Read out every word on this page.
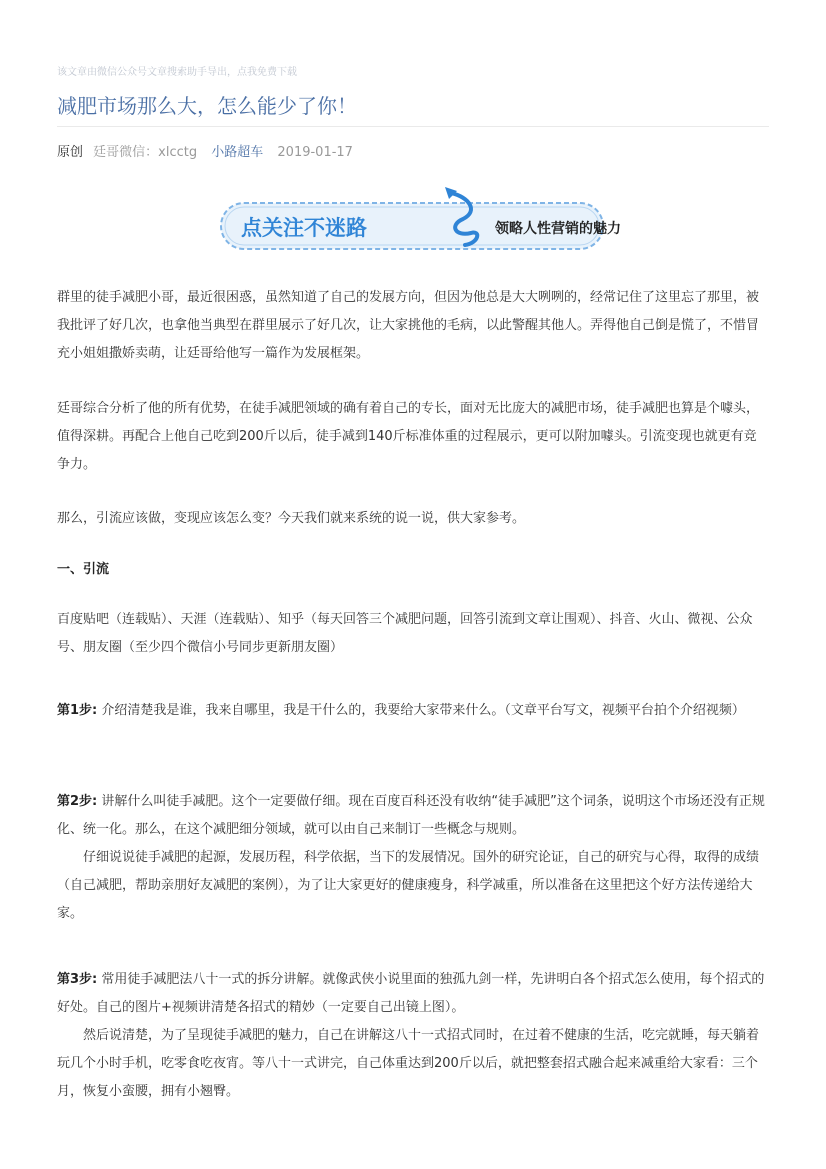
该文章由微信公众号文章搜索助手导出，点我免费下载
减肥市场那么大，怎么能少了你！
原创 廷哥微信：xlcctg 小路超车 2019-01-17
点关注不迷路	领略人性营销的魅力

群里的徒手减肥小哥，最近很困惑，虽然知道了自己的发展方向，但因为他总是大大咧咧的，经常记住了这里忘了那里，被我批评了好几次，也拿他当典型在群里展示了好几次，让大家挑他的毛病，以此警醒其他人。弄得他自己倒是慌了，不惜冒充小姐姐撒娇卖萌，让廷哥给他写一篇作为发展框架。

廷哥综合分析了他的所有优势，在徒手减肥领域的确有着自己的专长，面对无比庞大的减肥市场，徒手减肥也算是个噱头，值得深耕。再配合上他自己吃到200斤以后，徒手减到140斤标准体重的过程展示，更可以附加噱头。引流变现也就更有竞争力。

那么，引流应该做，变现应该怎么变？今天我们就来系统的说一说，供大家参考。

一、引流

百度贴吧（连载贴）、天涯（连载贴）、知乎（每天回答三个减肥问题，回答引流到文章让围观）、抖音、火山、微视、公众号、朋友圈（至少四个微信小号同步更新朋友圈）

第1步: 介绍清楚我是谁，我来自哪里，我是干什么的，我要给大家带来什么。（文章平台写文，视频平台拍个介绍视频）

第2步: 讲解什么叫徒手减肥。这个一定要做仔细。现在百度百科还没有收纳“徒手减肥”这个词条，说明这个市场还没有正规化、统一化。那么，在这个减肥细分领域，就可以由自己来制订一些概念与规则。

仔细说说徒手减肥的起源，发展历程，科学依据，当下的发展情况。国外的研究论证，自己的研究与心得，取得的成绩（自己减肥，帮助亲朋好友减肥的案例），为了让大家更好的健康瘦身，科学减重，所以准备在这里把这个好方法传递给大家。

第3步: 常用徒手减肥法八十一式的拆分讲解。就像武侠小说里面的独孤九剑一样，先讲明白各个招式怎么使用，每个招式的好处。自己的图片+视频讲清楚各招式的精妙（一定要自己出镜上图）。

然后说清楚，为了呈现徒手减肥的魅力，自己在讲解这八十一式招式同时，在过着不健康的生活，吃完就睡，每天躺着玩几个小时手机，吃零食吃夜宵。等八十一式讲完，自己体重达到200斤以后，就把整套招式融合起来减重给大家看：三个月，恢复小蛮腰，拥有小翘臀。
